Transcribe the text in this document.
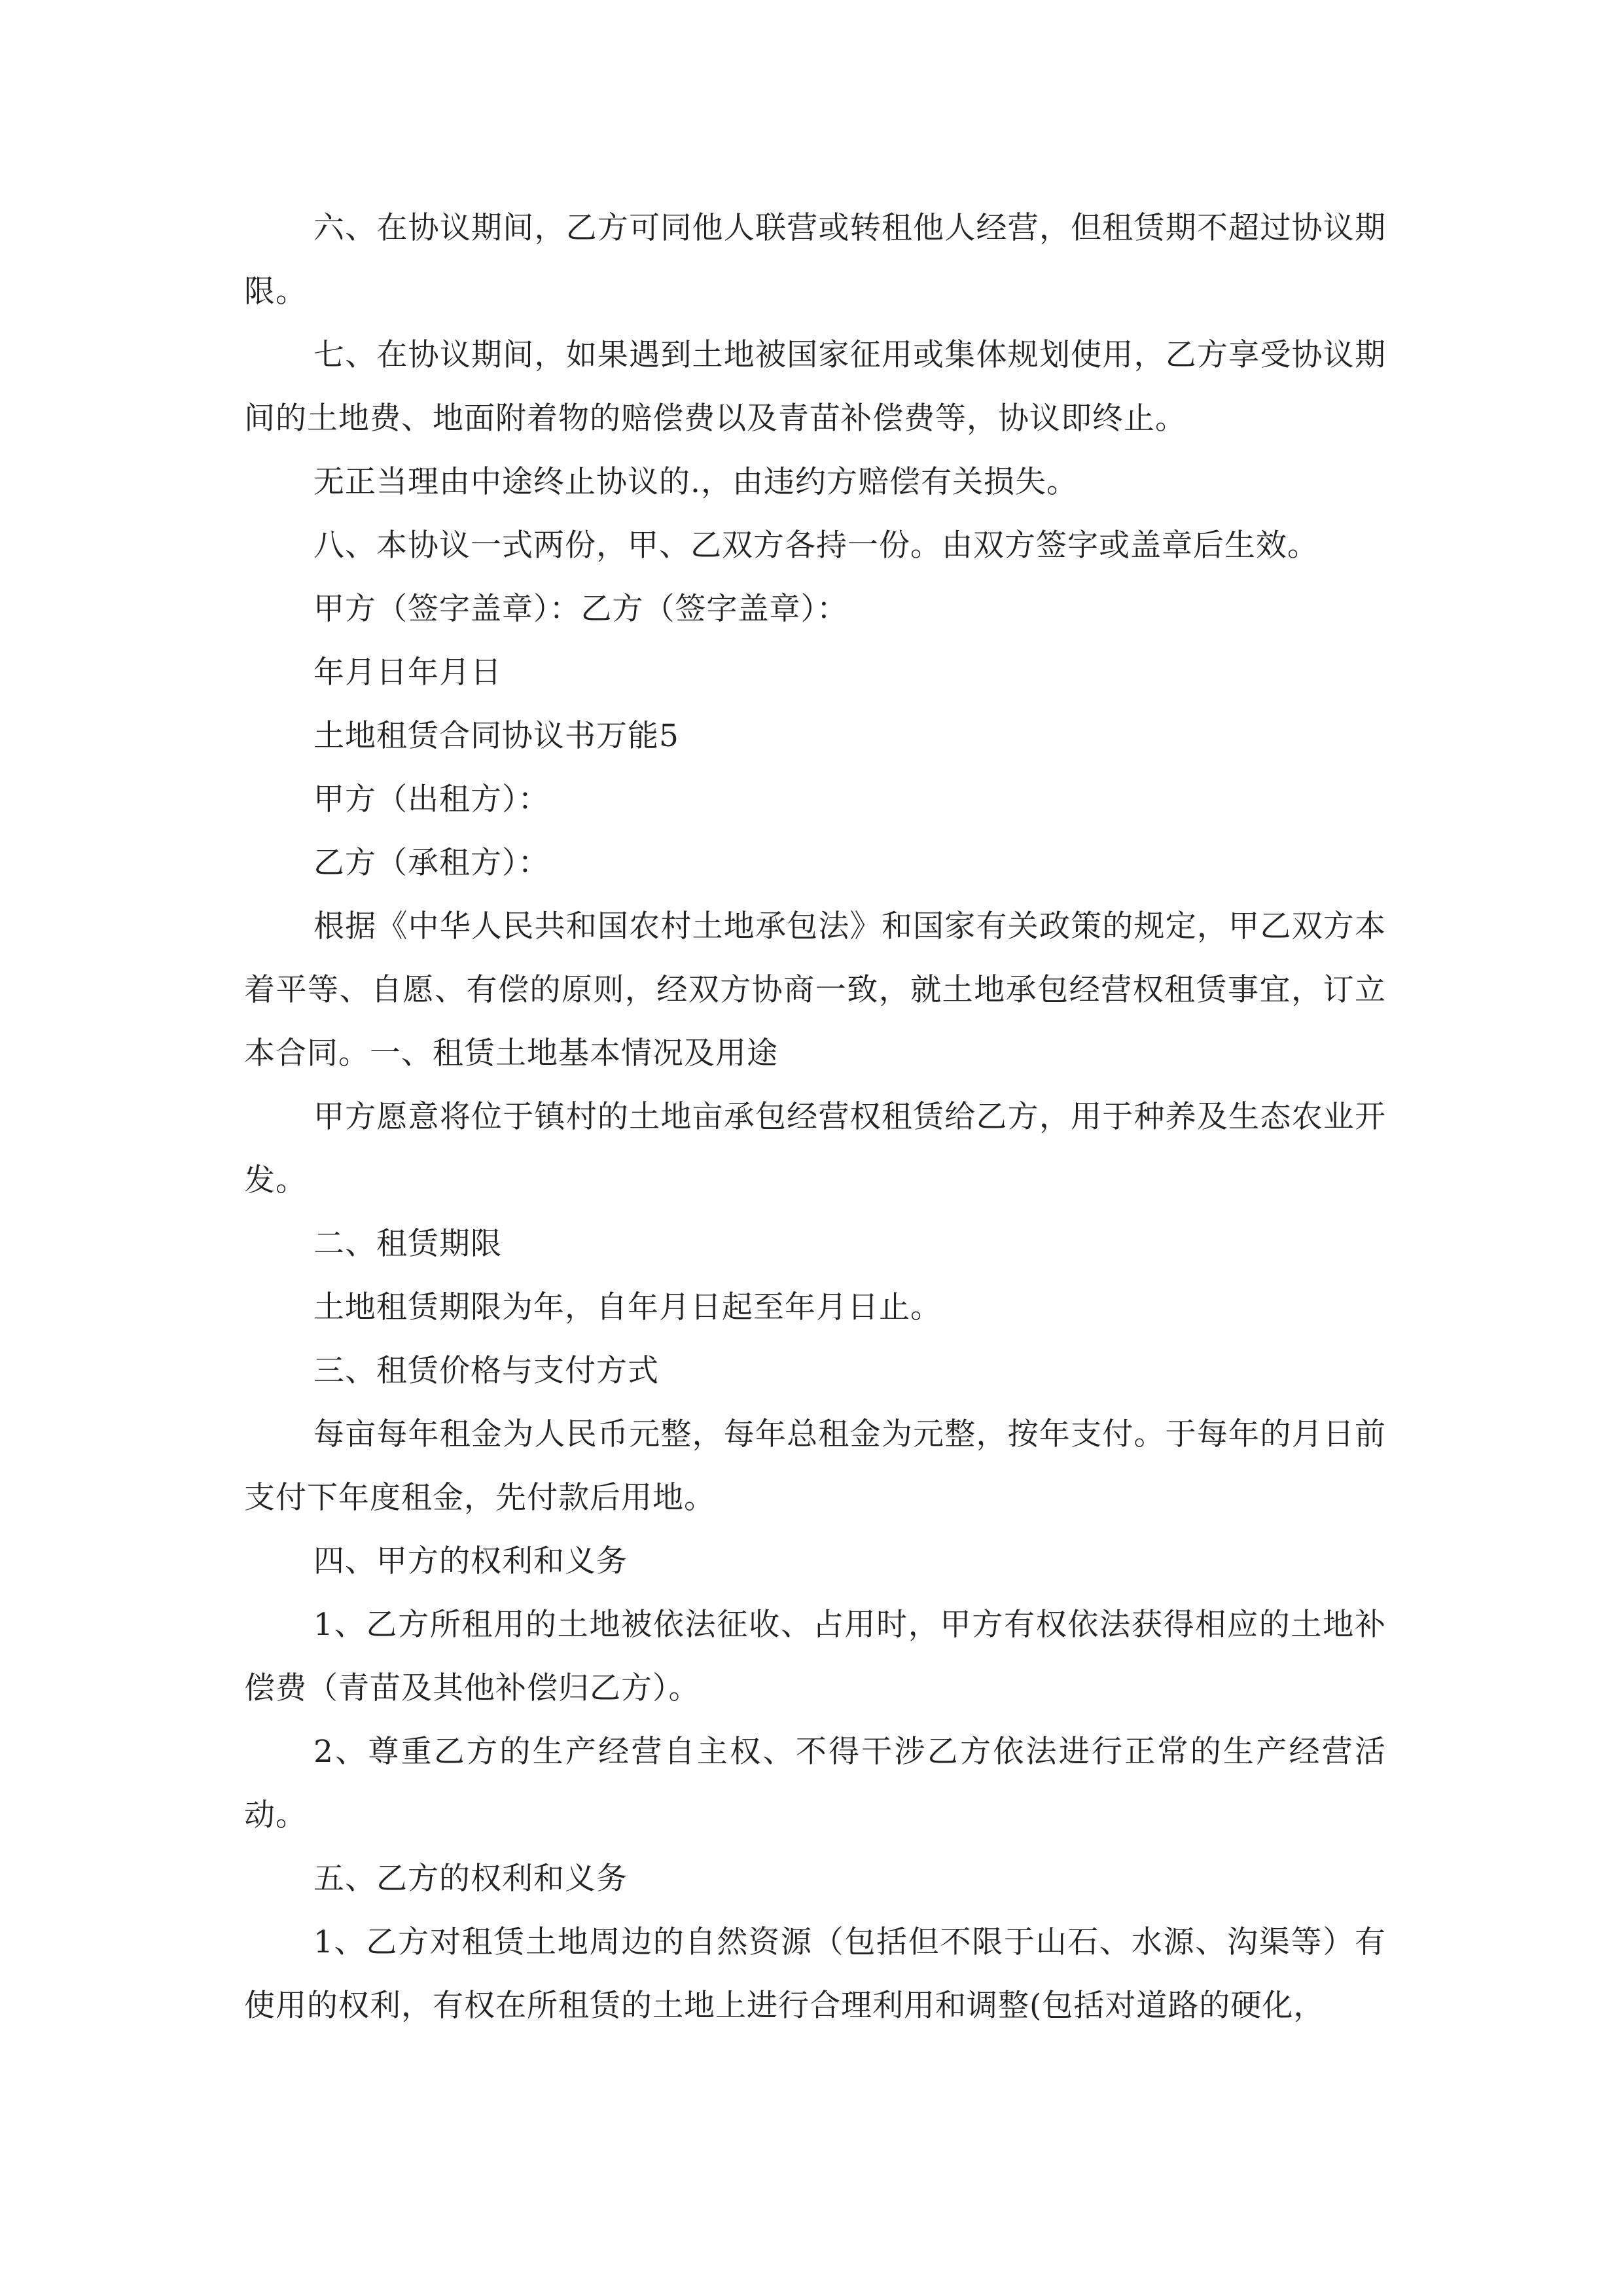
六、在协议期间，乙方可同他人联营或转租他人经营，但租赁期不超过协议期限。

七、在协议期间，如果遇到土地被国家征用或集体规划使用，乙方享受协议期间的土地费、地面附着物的赔偿费以及青苗补偿费等，协议即终止。

无正当理由中途终止协议的.，由违约方赔偿有关损失。

八、本协议一式两份，甲、乙双方各持一份。由双方签字或盖章后生效。

甲方（签字盖章）：乙方（签字盖章）：

年月日年月日

土地租赁合同协议书万能5

甲方（出租方）：

乙方（承租方）：

根据《中华人民共和国农村土地承包法》和国家有关政策的规定，甲乙双方本着平等、自愿、有偿的原则，经双方协商一致，就土地承包经营权租赁事宜，订立本合同。一、租赁土地基本情况及用途

甲方愿意将位于镇村的土地亩承包经营权租赁给乙方，用于种养及生态农业开发。

二、租赁期限

土地租赁期限为年，自年月日起至年月日止。

三、租赁价格与支付方式

每亩每年租金为人民币元整，每年总租金为元整，按年支付。于每年的月日前支付下年度租金，先付款后用地。

四、甲方的权利和义务

1、乙方所租用的土地被依法征收、占用时，甲方有权依法获得相应的土地补偿费（青苗及其他补偿归乙方）。

2、尊重乙方的生产经营自主权、不得干涉乙方依法进行正常的生产经营活动。

五、乙方的权利和义务

1、乙方对租赁土地周边的自然资源（包括但不限于山石、水源、沟渠等）有使用的权利，有权在所租赁的土地上进行合理利用和调整(包括对道路的硬化，
